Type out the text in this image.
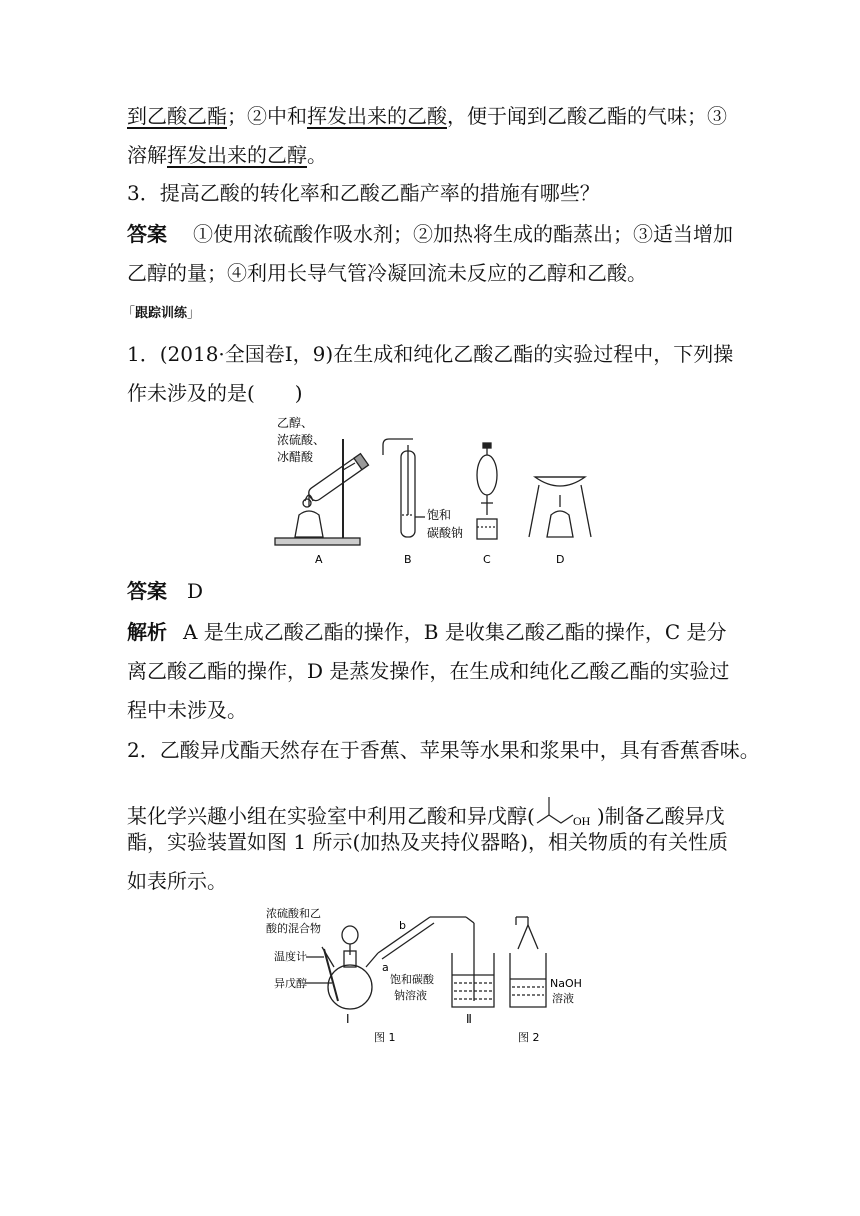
到乙酸乙酯；②中和挥发出来的乙酸，便于闻到乙酸乙酯的气味；③
溶解挥发出来的乙醇。
3．提高乙酸的转化率和乙酸乙酯产率的措施有哪些？
答案 ①使用浓硫酸作吸水剂；②加热将生成的酯蒸出；③适当增加
乙醇的量；④利用长导气管冷凝回流未反应的乙醇和乙酸。
「跟踪训练」
1．(2018·全国卷Ⅰ，9)在生成和纯化乙酸乙酯的实验过程中，下列操
作未涉及的是(　　)
乙醇、
浓硫酸、
冰醋酸
饱和
碳酸钠
A	B	C	D
答案 D
解析 A 是生成乙酸乙酯的操作，B 是收集乙酸乙酯的操作，C 是分
离乙酸乙酯的操作，D 是蒸发操作，在生成和纯化乙酸乙酯的实验过
程中未涉及。
2．乙酸异戊酯天然存在于香蕉、苹果等水果和浆果中，具有香蕉香味。
某化学兴趣小组在实验室中利用乙酸和异戊醇(	OH )制备乙酸异戊
酯，实验装置如图 1 所示(加热及夹持仪器略)，相关物质的有关性质
如表所示。
浓硫酸和乙
酸的混合物
温度计
异戊醇
b
a
饱和碳酸
钠溶液
NaOH
溶液
Ⅰ	Ⅱ
图 1	图 2
